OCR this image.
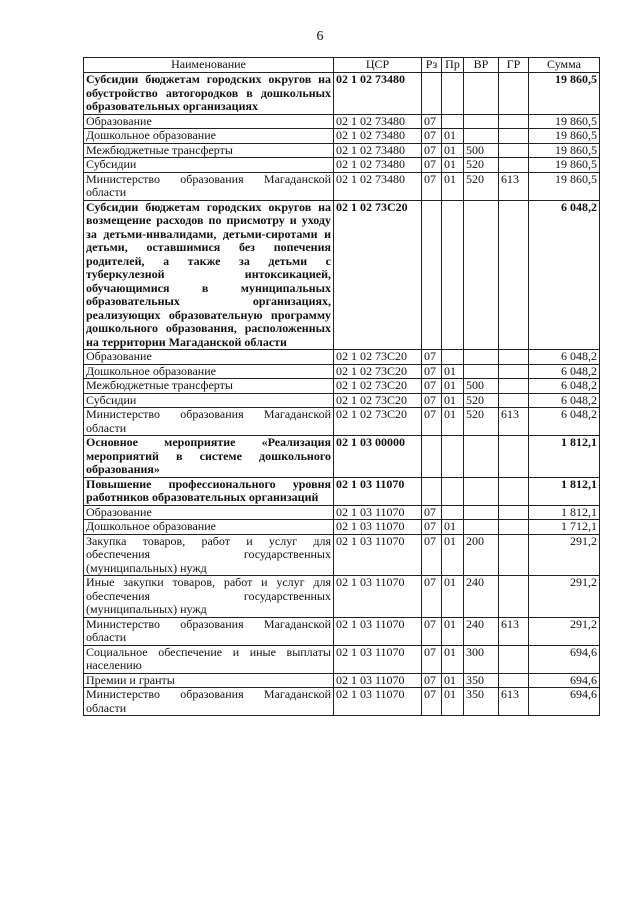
6
Наименование	ЦСР	Рз	Пр	ВР	ГР	Сумма
Субсидии бюджетам городских округов на обустройство автогородков в дошкольных образовательных организациях	02 1 02 73480					19 860,5
Образование	02 1 02 73480	07				19 860,5
Дошкольное образование	02 1 02 73480	07	01			19 860,5
Межбюджетные трансферты	02 1 02 73480	07	01	500		19 860,5
Субсидии	02 1 02 73480	07	01	520		19 860,5
Министерство образования Магаданской области	02 1 02 73480	07	01	520	613	19 860,5
Субсидии бюджетам городских округов на возмещение расходов по присмотру и уходу за детьми-инвалидами, детьми-сиротами и детьми, оставшимися без попечения родителей, а также за детьми с туберкулезной интоксикацией, обучающимися в муниципальных образовательных организациях, реализующих образовательную программу дошкольного образования, расположенных на территории Магаданской области	02 1 02 73С20					6 048,2
Образование	02 1 02 73С20	07				6 048,2
Дошкольное образование	02 1 02 73С20	07	01			6 048,2
Межбюджетные трансферты	02 1 02 73С20	07	01	500		6 048,2
Субсидии	02 1 02 73С20	07	01	520		6 048,2
Министерство образования Магаданской области	02 1 02 73С20	07	01	520	613	6 048,2
Основное мероприятие «Реализация мероприятий в системе дошкольного образования»	02 1 03 00000					1 812,1
Повышение профессионального уровня работников образовательных организаций	02 1 03 11070					1 812,1
Образование	02 1 03 11070	07				1 812,1
Дошкольное образование	02 1 03 11070	07	01			1 712,1
Закупка товаров, работ и услуг для обеспечения государственных (муниципальных) нужд	02 1 03 11070	07	01	200		291,2
Иные закупки товаров, работ и услуг для обеспечения государственных (муниципальных) нужд	02 1 03 11070	07	01	240		291,2
Министерство образования Магаданской области	02 1 03 11070	07	01	240	613	291,2
Социальное обеспечение и иные выплаты населению	02 1 03 11070	07	01	300		694,6
Премии и гранты	02 1 03 11070	07	01	350		694,6
Министерство образования Магаданской области	02 1 03 11070	07	01	350	613	694,6
